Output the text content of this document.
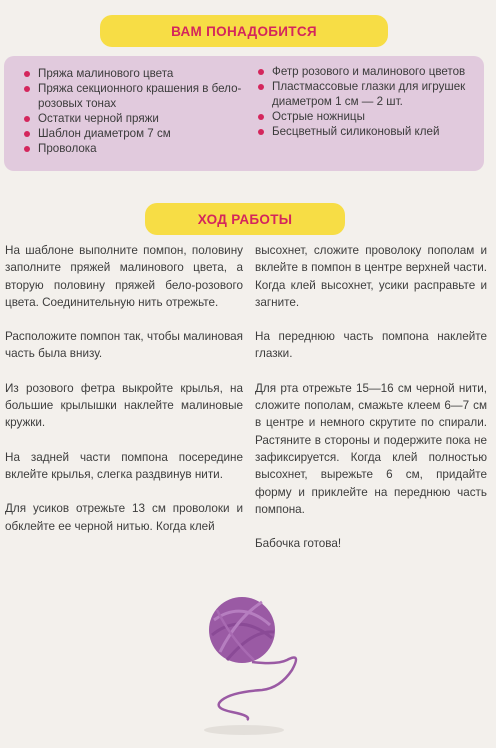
ВАМ ПОНАДОБИТСЯ
Пряжа малинового цвета
Пряжа секционного крашения в бело-розовых тонах
Остатки черной пряжи
Шаблон диаметром 7 см
Проволока
Фетр розового и малинового цветов
Пластмассовые глазки для игрушек диаметром 1 см — 2 шт.
Острые ножницы
Бесцветный силиконовый клей
ХОД РАБОТЫ

На шаблоне выполните помпон, половину заполните пряжей малинового цвета, а вторую половину пряжей бело-розового цвета. Соединительную нить отрежьте.

Расположите помпон так, чтобы малиновая часть была внизу.

Из розового фетра выкройте крылья, на большие крылышки наклейте малиновые кружки.

На задней части помпона посередине вклейте крылья, слегка раздвинув нити.

Для усиков отрежьте 13 см проволоки и обклейте ее черной нитью. Когда клей

высохнет, сложите проволоку пополам и вклейте в помпон в центре верхней части. Когда клей высохнет, усики расправьте и загните.

На переднюю часть помпона наклейте глазки.

Для рта отрежьте 15—16 см черной нити, сложите пополам, смажьте клеем 6—7 см в центре и немного скрутите по спирали. Растяните в стороны и подержите пока не зафиксируется. Когда клей полностью высохнет, вырежьте 6 см, придайте форму и приклейте на переднюю часть помпона.

Бабочка готова!
